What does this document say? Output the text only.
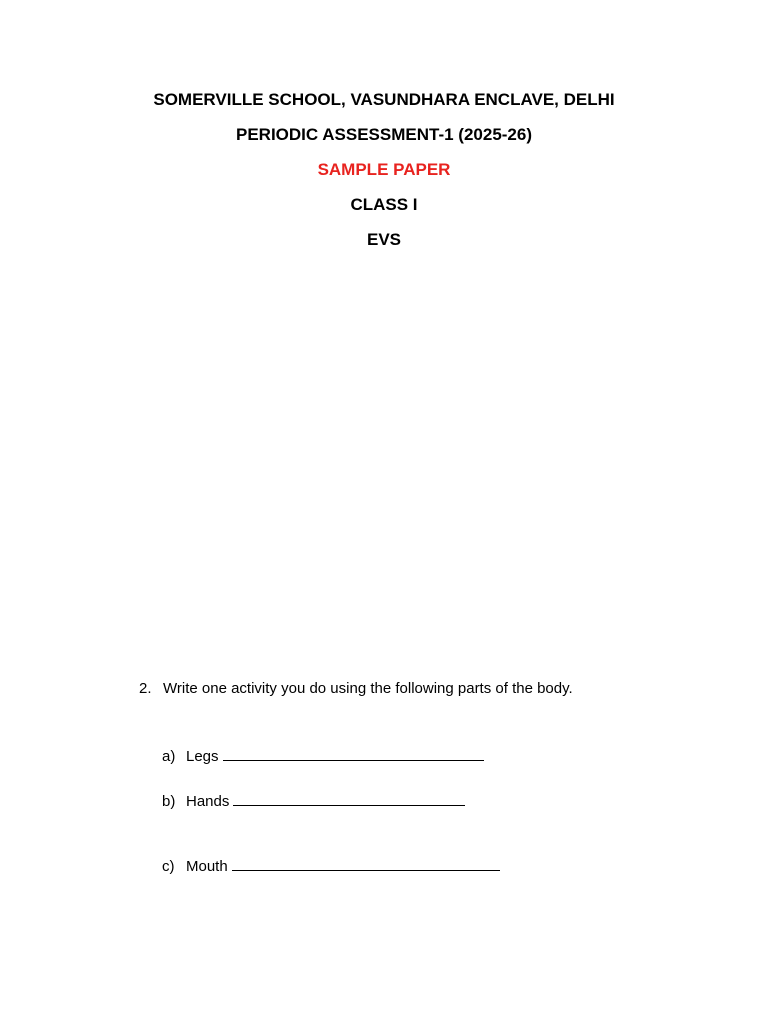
SOMERVILLE SCHOOL, VASUNDHARA ENCLAVE, DELHI
PERIODIC ASSESSMENT-1 (2025-26)
SAMPLE PAPER
CLASS I
EVS
2. Write one activity you do using the following parts of the body.
a) Legs
b) Hands
c) Mouth
